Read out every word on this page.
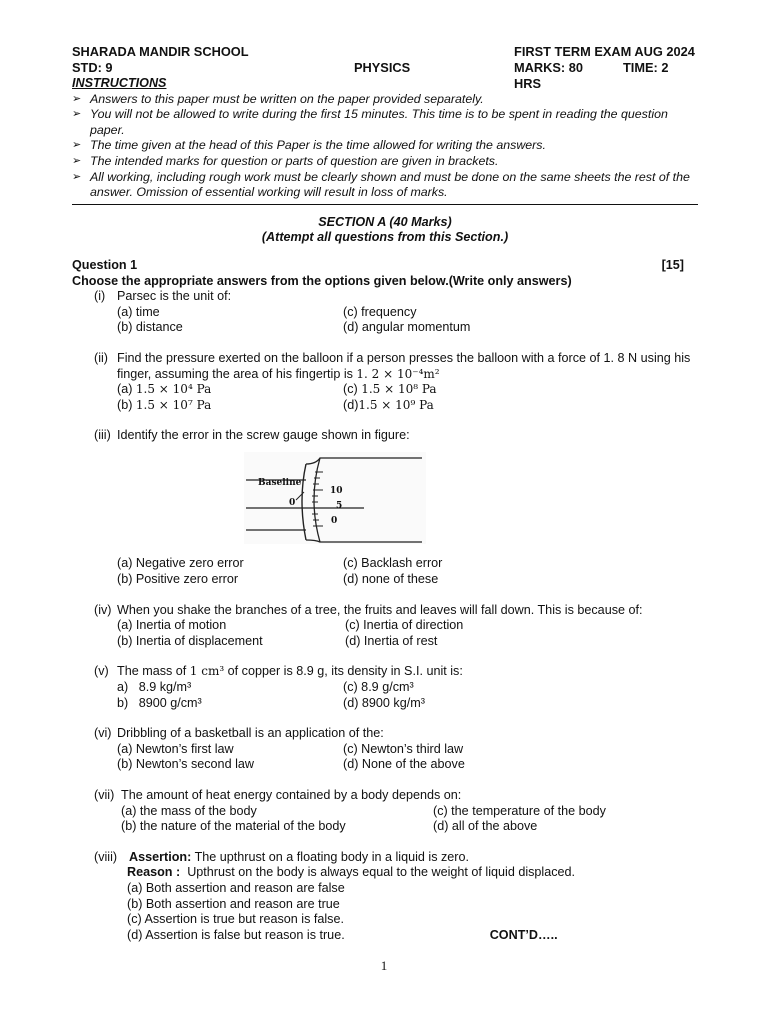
SHARADA MANDIR SCHOOL	FIRST TERM EXAM AUG 2024
STD: 9	PHYSICS	MARKS: 80	TIME: 2 HRS
INSTRUCTIONS
➢ Answers to this paper must be written on the paper provided separately.
➢ You will not be allowed to write during the first 15 minutes. This time is to be spent in reading the question paper.
➢ The time given at the head of this Paper is the time allowed for writing the answers.
➢ The intended marks for question or parts of question are given in brackets.
➢ All working, including rough work must be clearly shown and must be done on the same sheets the rest of the answer. Omission of essential working will result in loss of marks.
SECTION A (40 Marks)
(Attempt all questions from this Section.)
Question 1	[15]
Choose the appropriate answers from the options given below.(Write only answers)
(i) Parsec is the unit of:
(a) time	(c) frequency
(b) distance	(d) angular momentum
(ii) Find the pressure exerted on the balloon if a person presses the balloon with a force of 1. 8 N using his finger, assuming the area of his fingertip is 1. 2 × 10⁻⁴m²
(a) 1.5 × 10⁴ Pa	(c) 1.5 × 10⁸ Pa
(b) 1.5 × 10⁷ Pa	(d)1.5 × 10⁹ Pa
(iii) Identify the error in the screw gauge shown in figure:
Baseline
0
10
5
0
(a) Negative zero error	(c) Backlash error
(b) Positive zero error	(d) none of these
(iv) When you shake the branches of a tree, the fruits and leaves will fall down. This is because of:
(a) Inertia of motion	(c) Inertia of direction
(b) Inertia of displacement	(d) Inertia of rest
(v) The mass of 1 cm³ of copper is 8.9 g, its density in S.I. unit is:
a)   8.9 kg/m³	(c) 8.9 g/cm³
b)   8900 g/cm³	(d) 8900 kg/m³
(vi) Dribbling of a basketball is an application of the:
(a) Newton’s first law	(c) Newton’s third law
(b) Newton’s second law	(d) None of the above
(vii) The amount of heat energy contained by a body depends on:
(a) the mass of the body	(c) the temperature of the body
(b) the nature of the material of the body	(d) all of the above
(viii) Assertion: The upthrust on a floating body in a liquid is zero.
Reason : Upthrust on the body is always equal to the weight of liquid displaced.
(a) Both assertion and reason are false
(b) Both assertion and reason are true
(c) Assertion is true but reason is false.
(d) Assertion is false but reason is true.	CONT’D…..
1
